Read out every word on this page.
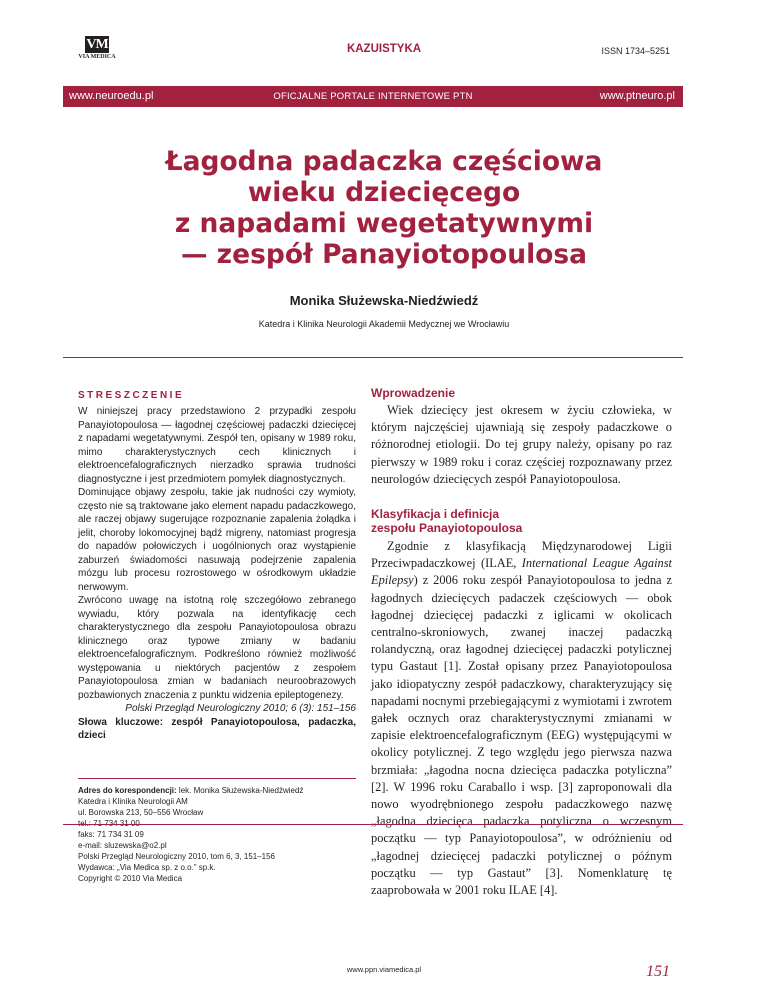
VM
VIA MEDICA
KAZUISTYKA	ISSN 1734–5251
OFICJALNE PORTALE INTERNETOWE PTN
www.neuroedu.pl	www.ptneuro.pl
Łagodna padaczka częściowa
wieku dziecięcego
z napadami wegetatywnymi
— zespół Panayiotopoulosa
Monika Służewska-Niedźwiedź
Katedra i Klinika Neurologii Akademii Medycznej we Wrocławiu
STRESZCZENIE

W niniejszej pracy przedstawiono 2 przypadki zespołu Panayiotopoulosa — łagodnej częściowej padaczki dziecięcej z napadami wegetatywnymi. Zespół ten, opisany w 1989 roku, mimo charakterystycznych cech klinicznych i elektroencefalograficznych nierzadko sprawia trudności diagnostyczne i jest przedmiotem pomyłek diagnostycznych.

Dominujące objawy zespołu, takie jak nudności czy wymioty, często nie są traktowane jako element napadu padaczkowego, ale raczej objawy sugerujące rozpoznanie zapalenia żołądka i jelit, choroby lokomocyjnej bądź migreny, natomiast progresja do napadów połowiczych i uogólnionych oraz wystąpienie zaburzeń świadomości nasuwają podejrzenie zapalenia mózgu lub procesu rozrostowego w ośrodkowym układzie nerwowym.

Zwrócono uwagę na istotną rolę szczegółowo zebranego wywiadu, który pozwala na identyfikację cech charakterystycznego dla zespołu Panayiotopoulosa obrazu klinicznego oraz typowe zmiany w badaniu elektroencefalograficznym. Podkreślono również możliwość występowania u niektórych pacjentów z zespołem Panayiotopoulosa zmian w badaniach neuroobrazowych pozbawionych znaczenia z punktu widzenia epileptogenezy.

Polski Przegląd Neurologiczny 2010; 6 (3): 151–156

Słowa kluczowe: zespół Panayiotopoulosa, padaczka, dzieci

Adres do korespondencji: lek. Monika Służewska-Niedźwiedź
Katedra i Klinika Neurologii AM
ul. Borowska 213, 50–556 Wrocław
tel.: 71 734 31 00
faks: 71 734 31 09
e-mail: sluzewska@o2.pl
Polski Przegląd Neurologiczny 2010, tom 6, 3, 151–156
Wydawca: „Via Medica sp. z o.o.” sp.k.
Copyright © 2010 Via Medica
Wprowadzenie

Wiek dziecięcy jest okresem w życiu człowieka, w którym najczęściej ujawniają się zespoły padaczkowe o różnorodnej etiologii. Do tej grupy należy, opisany po raz pierwszy w 1989 roku i coraz częściej rozpoznawany przez neurologów dziecięcych zespół Panayiotopoulosa.

Klasyfikacja i definicja
zespołu Panayiotopoulosa

Zgodnie z klasyfikacją Międzynarodowej Ligii Przeciwpadaczkowej (ILAE, International League Against Epilepsy) z 2006 roku zespół Panayiotopoulosa to jedna z łagodnych dziecięcych padaczek częściowych — obok łagodnej dziecięcej padaczki z iglicami w okolicach centralno-skroniowych, zwanej inaczej padaczką rolandyczną, oraz łagodnej dziecięcej padaczki potylicznej typu Gastaut [1]. Został opisany przez Panayiotopoulosa jako idiopatyczny zespół padaczkowy, charakteryzujący się napadami nocnymi przebiegającymi z wymiotami i zwrotem gałek ocznych oraz charakterystycznymi zmianami w zapisie elektroencefalograficznym (EEG) występującymi w okolicy potylicznej. Z tego względu jego pierwsza nazwa brzmiała: „łagodna nocna dziecięca padaczka potyliczna” [2]. W 1996 roku Caraballo i wsp. [3] zaproponowali dla nowo wyodrębnionego zespołu padaczkowego nazwę „łagodna dziecięca padaczka potyliczna o wczesnym początku — typ Panayiotopoulosa”, w odróżnieniu od „łagodnej dziecięcej padaczki potylicznej o późnym początku — typ Gastaut” [3]. Nomenklaturę tę zaaprobowała w 2001 roku ILAE [4].

www.ppn.viamedica.pl	151
